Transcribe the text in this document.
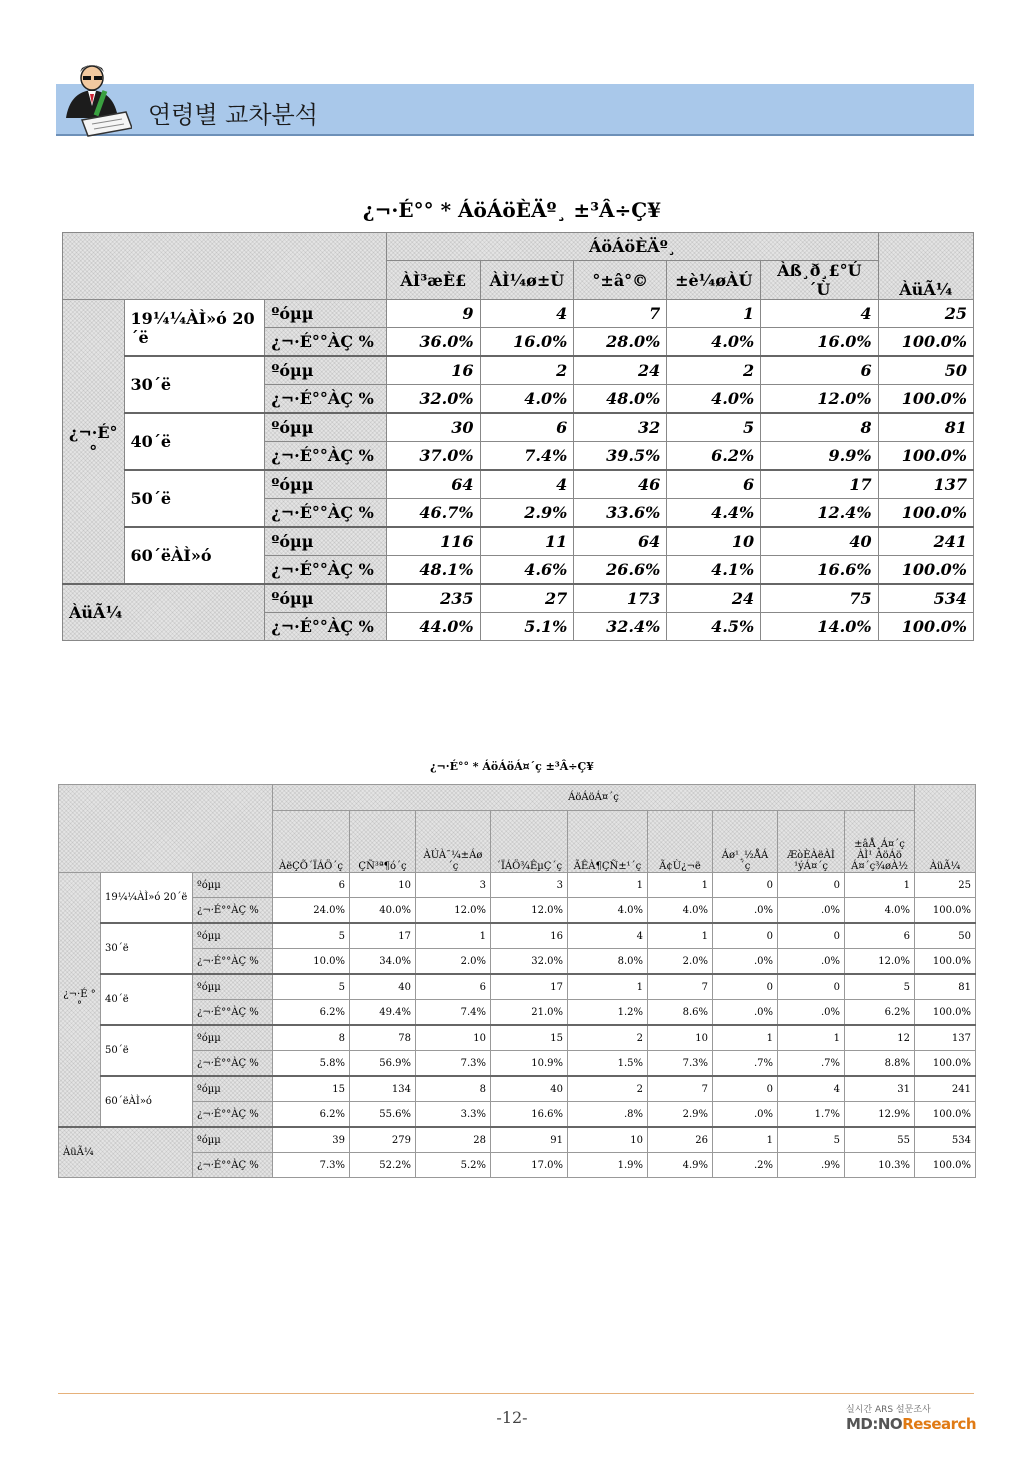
연령별 교차분석
¿¬·É°° * ÁöÁöÈÄº¸ ±³Â÷Ç¥
			ÁöÁöÈÄº¸					ÀüÃ¼
			ÀÌ³æÈ£	ÀÌ¼ø±Ù	°±â°©	±è¼øÀÚ	Àß¸ð¸£°Ú´Ù	
¿¬·É°°	19¼¼ÀÌ»ó 20´ë	ºóµµ	9	4	7	1	4	25
		¿¬·É°°ÀÇ %	36.0%	16.0%	28.0%	4.0%	16.0%	100.0%
	30´ë	ºóµµ	16	2	24	2	6	50
		¿¬·É°°ÀÇ %	32.0%	4.0%	48.0%	4.0%	12.0%	100.0%
	40´ë	ºóµµ	30	6	32	5	8	81
		¿¬·É°°ÀÇ %	37.0%	7.4%	39.5%	6.2%	9.9%	100.0%
	50´ë	ºóµµ	64	4	46	6	17	137
		¿¬·É°°ÀÇ %	46.7%	2.9%	33.6%	4.4%	12.4%	100.0%
	60´ëÀÌ»ó	ºóµµ	116	11	64	10	40	241
		¿¬·É°°ÀÇ %	48.1%	4.6%	26.6%	4.1%	16.6%	100.0%
ÀüÃ¼		ºóµµ	235	27	173	24	75	534
		¿¬·É°°ÀÇ %	44.0%	5.1%	32.4%	4.5%	14.0%	100.0%
¿¬·É°° * ÁöÁöÁ¤´ç ±³Â÷Ç¥
			ÁöÁöÁ¤´ç									ÀüÃ¼
			ÀëÇÕ´ÏÁÖ´ç	ÇÑ³ª¶ó´ç	ÀÚÀ¯¼±Áø´ç	´ÏÁÖ¾ÊµÇ´ç	ÃÊÀ¶ÇÑ±¹´ç	Ã¢Ù¿¬ë	Áø¹¸½ÅÁ´ç	ÆòÈÀëÀÌ ¹ýÁ¤´ç	±âÅ¸Á¤´ç ÀÌ¹ ÁöÁö Á¤´ç¾øÀ½	
¿¬·É °°	19¼¼ÀÌ»ó 20´ë	ºóµµ	6	10	3	3	1	1	0	0	1	25
		¿¬·É°°ÀÇ %	24.0%	40.0%	12.0%	12.0%	4.0%	4.0%	.0%	.0%	4.0%	100.0%
	30´ë	ºóµµ	5	17	1	16	4	1	0	0	6	50
		¿¬·É°°ÀÇ %	10.0%	34.0%	2.0%	32.0%	8.0%	2.0%	.0%	.0%	12.0%	100.0%
	40´ë	ºóµµ	5	40	6	17	1	7	0	0	5	81
		¿¬·É°°ÀÇ %	6.2%	49.4%	7.4%	21.0%	1.2%	8.6%	.0%	.0%	6.2%	100.0%
	50´ë	ºóµµ	8	78	10	15	2	10	1	1	12	137
		¿¬·É°°ÀÇ %	5.8%	56.9%	7.3%	10.9%	1.5%	7.3%	.7%	.7%	8.8%	100.0%
	60´ëÀÌ»ó	ºóµµ	15	134	8	40	2	7	0	4	31	241
		¿¬·É°°ÀÇ %	6.2%	55.6%	3.3%	16.6%	.8%	2.9%	.0%	1.7%	12.9%	100.0%
ÀüÃ¼		ºóµµ	39	279	28	91	10	26	1	5	55	534
		¿¬·É°°ÀÇ %	7.3%	52.2%	5.2%	17.0%	1.9%	4.9%	.2%	.9%	10.3%	100.0%
-12-	실시간 ARS 설문조사
MD:NOResearch
